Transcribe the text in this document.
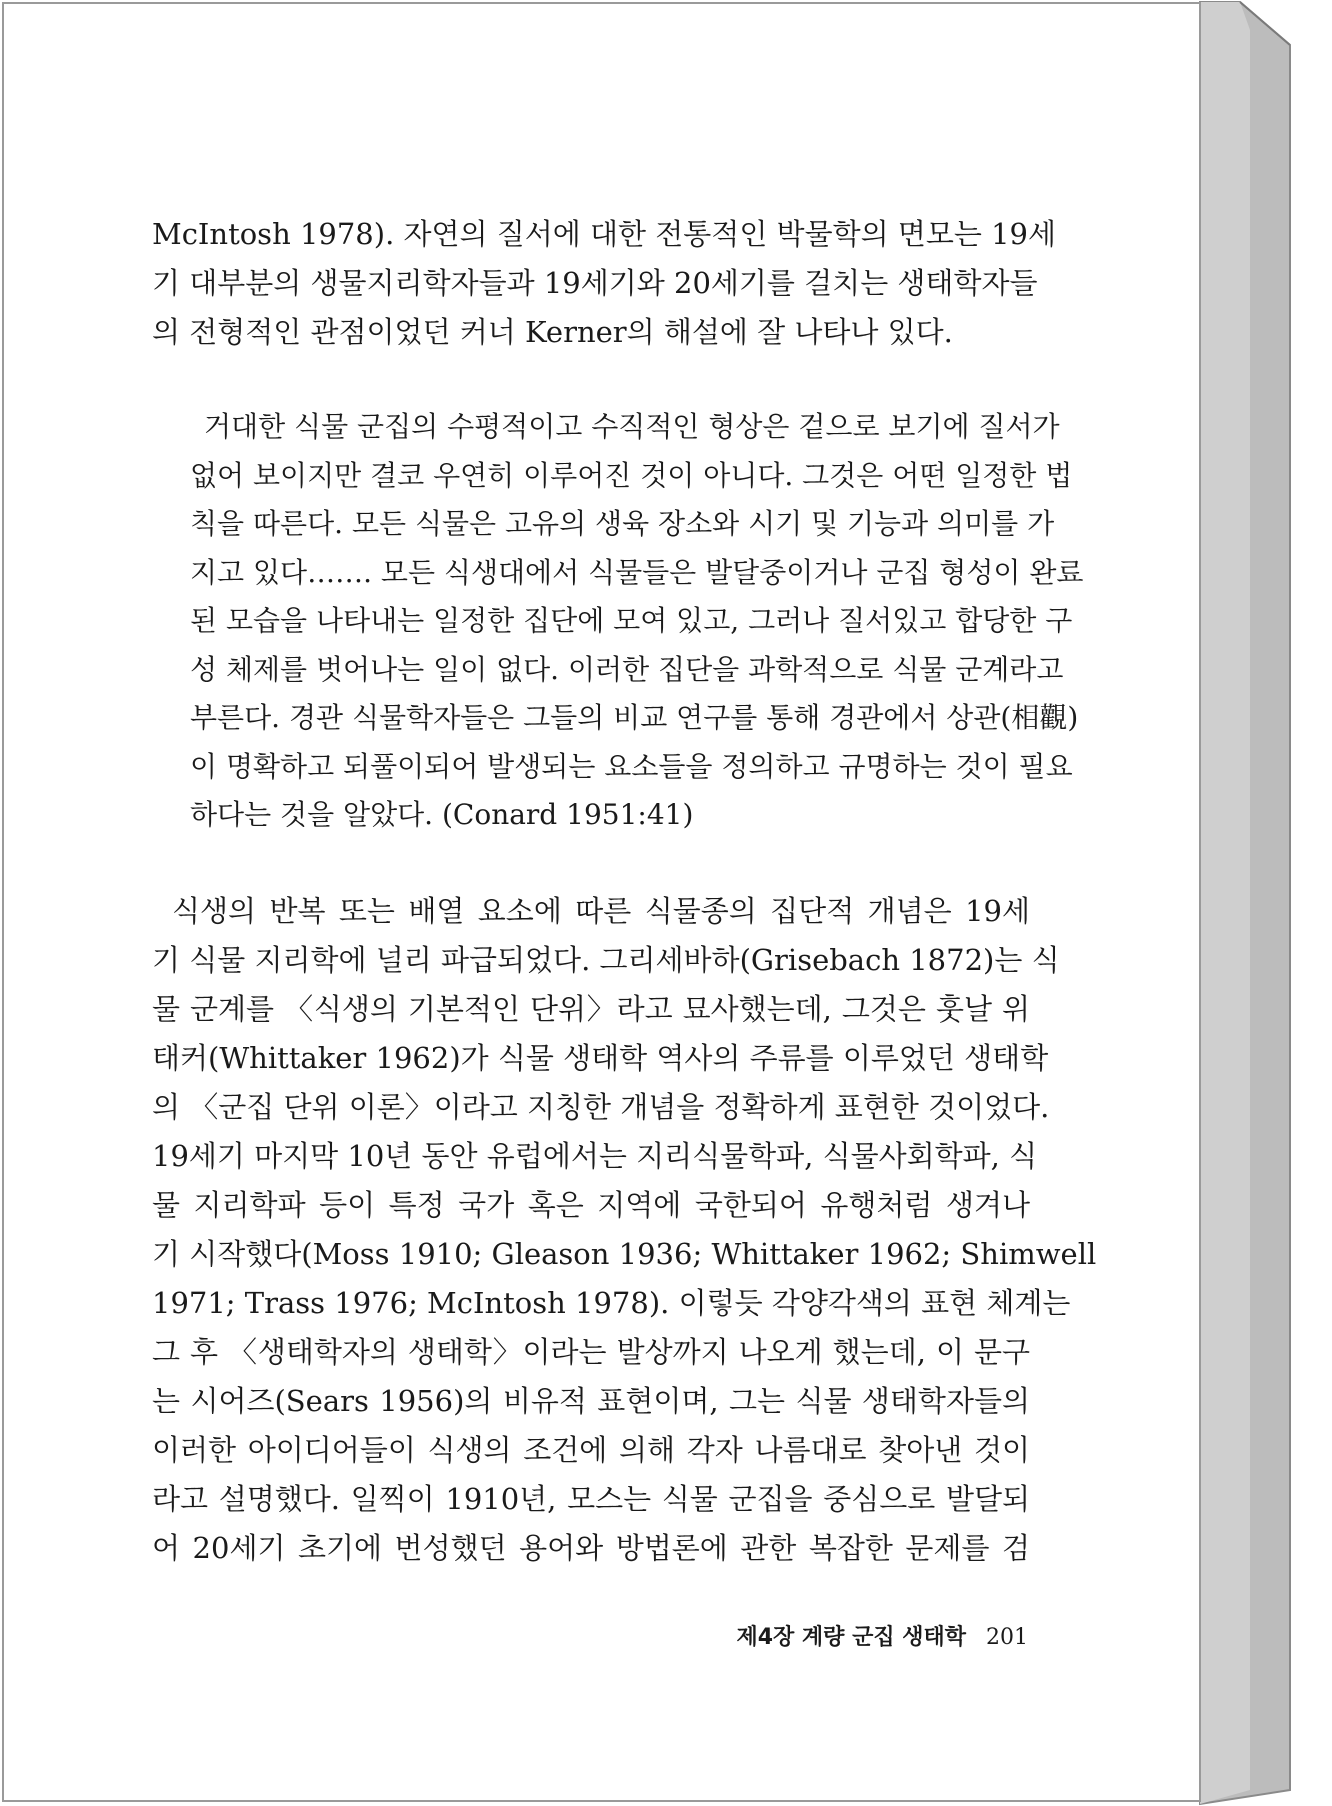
McIntosh 1978). 자연의 질서에 대한 전통적인 박물학의 면모는 19세
기 대부분의 생물지리학자들과 19세기와 20세기를 걸치는 생태학자들
의 전형적인 관점이었던 커너 Kerner의 해설에 잘 나타나 있다.
거대한 식물 군집의 수평적이고 수직적인 형상은 겉으로 보기에 질서가
없어 보이지만 결코 우연히 이루어진 것이 아니다. 그것은 어떤 일정한 법
칙을 따른다. 모든 식물은 고유의 생육 장소와 시기 및 기능과 의미를 가
지고 있다……. 모든 식생대에서 식물들은 발달중이거나 군집 형성이 완료
된 모습을 나타내는 일정한 집단에 모여 있고, 그러나 질서있고 합당한 구
성 체제를 벗어나는 일이 없다. 이러한 집단을 과학적으로 식물 군계라고
부른다. 경관 식물학자들은 그들의 비교 연구를 통해 경관에서 상관(相觀)
이 명확하고 되풀이되어 발생되는 요소들을 정의하고 규명하는 것이 필요
하다는 것을 알았다. (Conard 1951:41)
식생의 반복 또는 배열 요소에 따른 식물종의 집단적 개념은 19세
기 식물 지리학에 널리 파급되었다. 그리세바하(Grisebach 1872)는 식
물 군계를 〈식생의 기본적인 단위〉라고 묘사했는데, 그것은 훗날 위
태커(Whittaker 1962)가 식물 생태학 역사의 주류를 이루었던 생태학
의 〈군집 단위 이론〉이라고 지칭한 개념을 정확하게 표현한 것이었다.
19세기 마지막 10년 동안 유럽에서는 지리식물학파, 식물사회학파, 식
물 지리학파 등이 특정 국가 혹은 지역에 국한되어 유행처럼 생겨나
기 시작했다(Moss 1910; Gleason 1936; Whittaker 1962; Shimwell
1971; Trass 1976; McIntosh 1978). 이렇듯 각양각색의 표현 체계는
그 후 〈생태학자의 생태학〉이라는 발상까지 나오게 했는데, 이 문구
는 시어즈(Sears 1956)의 비유적 표현이며, 그는 식물 생태학자들의
이러한 아이디어들이 식생의 조건에 의해 각자 나름대로 찾아낸 것이
라고 설명했다. 일찍이 1910년, 모스는 식물 군집을 중심으로 발달되
어 20세기 초기에 번성했던 용어와 방법론에 관한 복잡한 문제를 검
제4장 계량 군집 생태학 201
